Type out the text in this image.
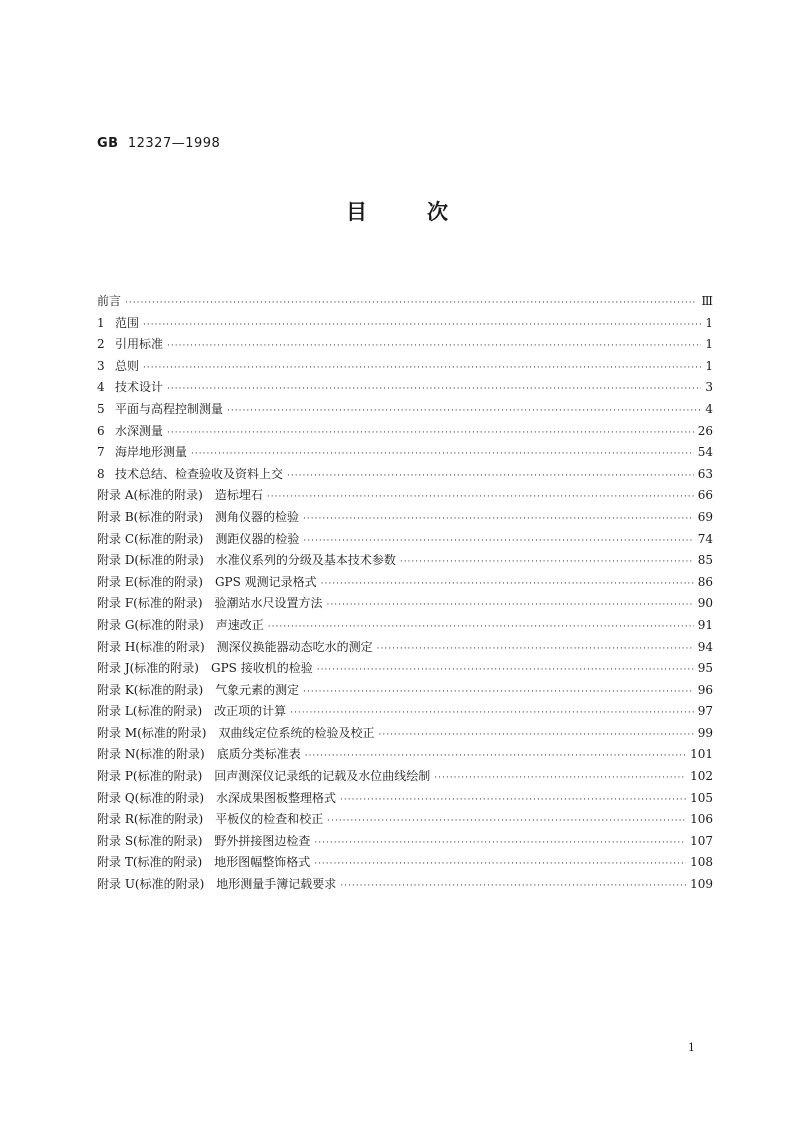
GB 12327—1998
目次
前言 ·····	Ⅲ
1 范围 ·····	1
2 引用标准 ·····	1
3 总则 ·····	1
4 技术设计 ·····	3
5 平面与高程控制测量 ·····	4
6 水深测量 ·····	26
7 海岸地形测量 ·····	54
8 技术总结、检查验收及资料上交 ·····	63
附录 A(标准的附录) 造标埋石 ·····	66
附录 B(标准的附录) 测角仪器的检验 ·····	69
附录 C(标准的附录) 测距仪器的检验 ·····	74
附录 D(标准的附录) 水准仪系列的分级及基本技术参数 ·····	85
附录 E(标准的附录) GPS 观测记录格式 ·····	86
附录 F(标准的附录) 验潮站水尺设置方法 ·····	90
附录 G(标准的附录) 声速改正 ·····	91
附录 H(标准的附录) 测深仪换能器动态吃水的测定 ·····	94
附录 J(标准的附录) GPS 接收机的检验 ·····	95
附录 K(标准的附录) 气象元素的测定 ·····	96
附录 L(标准的附录) 改正项的计算 ·····	97
附录 M(标准的附录) 双曲线定位系统的检验及校正 ·····	99
附录 N(标准的附录) 底质分类标准表 ·····	101
附录 P(标准的附录) 回声测深仪记录纸的记载及水位曲线绘制 ·····	102
附录 Q(标准的附录) 水深成果图板整理格式 ·····	105
附录 R(标准的附录) 平板仪的检查和校正 ·····	106
附录 S(标准的附录) 野外拼接图边检查 ·····	107
附录 T(标准的附录) 地形图幅整饰格式 ·····	108
附录 U(标准的附录) 地形测量手簿记载要求 ·····	109
1
